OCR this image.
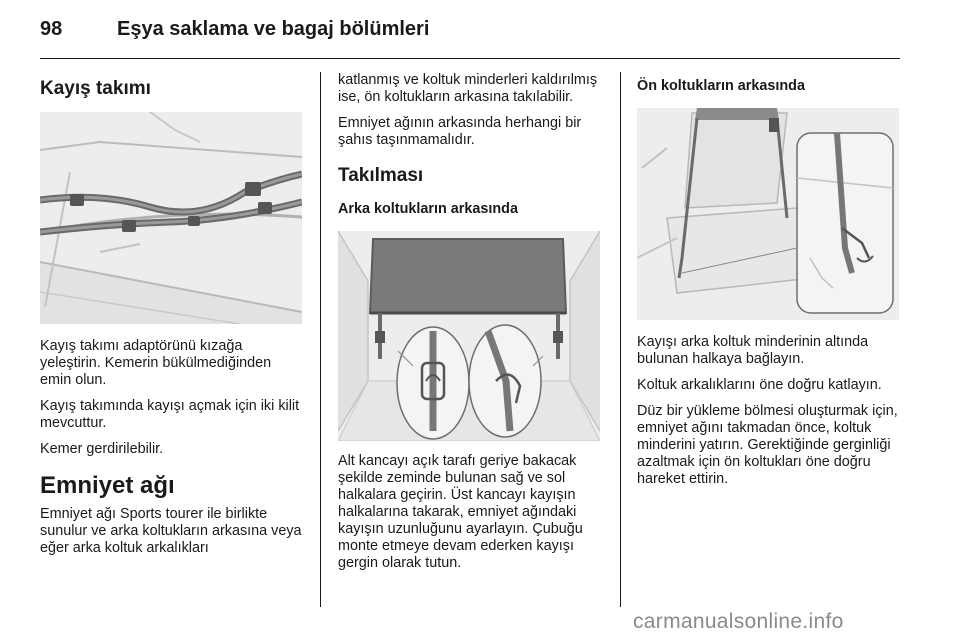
98	Eşya saklama ve bagaj bölümleri
Kayış takımı

Kayış takımı adaptörünü kızağa yeleştirin. Kemerin bükülmediğinden emin olun.

Kayış takımında kayışı açmak için iki kilit mevcuttur.

Kemer gerdirilebilir.

Emniyet ağı

Emniyet ağı Sports tourer ile birlikte sunulur ve arka koltukların arkasına veya eğer arka koltuk arkalıkları

katlanmış ve koltuk minderleri kaldırılmış ise, ön koltukların arkasına takılabilir.

Emniyet ağının arkasında herhangi bir şahıs taşınmamalıdır.

Takılması
Arka koltukların arkasında

Alt kancayı açık tarafı geriye bakacak şekilde zeminde bulunan sağ ve sol halkalara geçirin. Üst kancayı kayışın halkalarına takarak, emniyet ağındaki kayışın uzunluğunu ayarlayın. Çubuğu monte etmeye devam ederken kayışı gergin olarak tutun.

Ön koltukların arkasında

Kayışı arka koltuk minderinin altında bulunan halkaya bağlayın.

Koltuk arkalıklarını öne doğru katlayın.

Düz bir yükleme bölmesi oluşturmak için, emniyet ağını takmadan önce, koltuk minderini yatırın. Gerektiğinde gerginliği azaltmak için ön koltukları öne doğru hareket ettirin.

carmanualsonline.info
